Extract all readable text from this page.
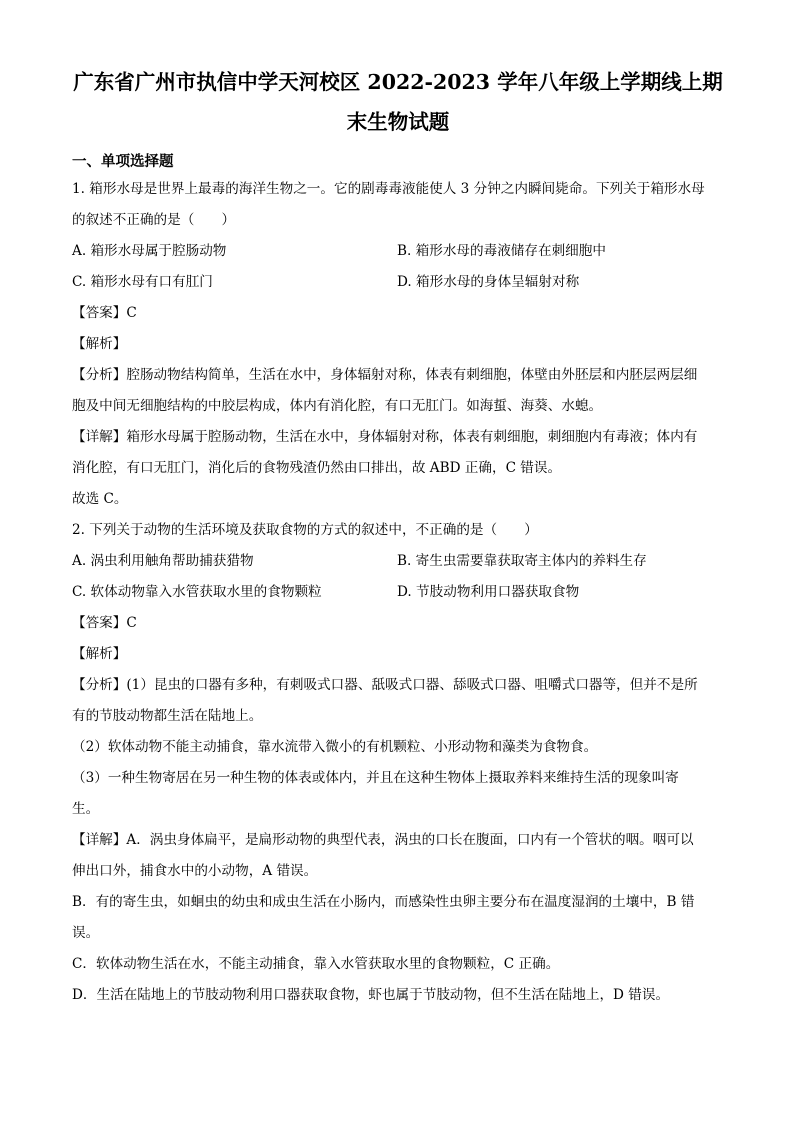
广东省广州市执信中学天河校区 2022-2023 学年八年级上学期线上期
末生物试题
一、单项选择题

1. 箱形水母是世界上最毒的海洋生物之一。它的剧毒毒液能使人 3 分钟之内瞬间毙命。下列关于箱形水母

的叙述不正确的是（　　）

A. 箱形水母属于腔肠动物	B. 箱形水母的毒液储存在刺细胞中
C. 箱形水母有口有肛门	D. 箱形水母的身体呈辐射对称

【答案】C

【解析】

【分析】腔肠动物结构简单，生活在水中，身体辐射对称，体表有刺细胞，体壁由外胚层和内胚层两层细

胞及中间无细胞结构的中胶层构成，体内有消化腔，有口无肛门。如海蜇、海葵、水螅。

【详解】箱形水母属于腔肠动物，生活在水中，身体辐射对称，体表有刺细胞，刺细胞内有毒液；体内有

消化腔，有口无肛门，消化后的食物残渣仍然由口排出，故 ABD 正确，C 错误。

故选 C。

2. 下列关于动物的生活环境及获取食物的方式的叙述中，不正确的是（　　）

A. 涡虫利用触角帮助捕获猎物	B. 寄生虫需要靠获取寄主体内的养料生存
C. 软体动物靠入水管获取水里的食物颗粒	D. 节肢动物利用口器获取食物

【答案】C

【解析】

【分析】(1）昆虫的口器有多种，有刺吸式口器、舐吸式口器、舔吸式口器、咀嚼式口器等，但并不是所

有的节肢动物都生活在陆地上。

（2）软体动物不能主动捕食，靠水流带入微小的有机颗粒、小形动物和藻类为食物食。

（3）一种生物寄居在另一种生物的体表或体内，并且在这种生物体上摄取养料来维持生活的现象叫寄

生。

【详解】A．涡虫身体扁平，是扁形动物的典型代表，涡虫的口长在腹面，口内有一个管状的咽。咽可以

伸出口外，捕食水中的小动物，A 错误。

B．有的寄生虫，如蛔虫的幼虫和成虫生活在小肠内，而感染性虫卵主要分布在温度湿润的土壤中，B 错

误。

C．软体动物生活在水，不能主动捕食，靠入水管获取水里的食物颗粒，C 正确。

D．生活在陆地上的节肢动物利用口器获取食物，虾也属于节肢动物，但不生活在陆地上，D 错误。
